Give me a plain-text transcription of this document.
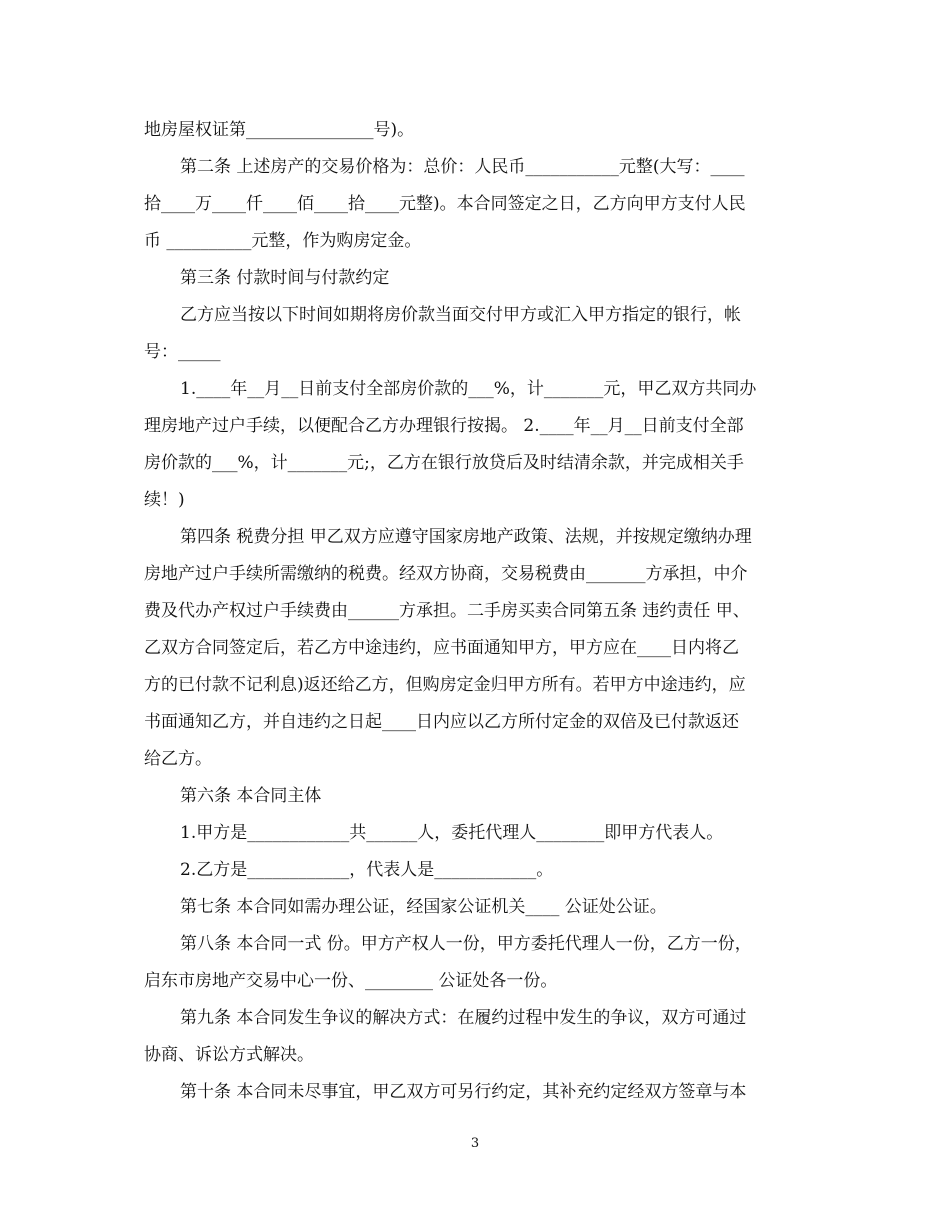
地房屋权证第_______________号)。
第二条 上述房产的交易价格为：总价：人民币___________元整(大写：____
拾____万____仟____佰____拾____元整)。本合同签定之日，乙方向甲方支付人民
币 __________元整，作为购房定金。
第三条 付款时间与付款约定
乙方应当按以下时间如期将房价款当面交付甲方或汇入甲方指定的银行，帐
号：_____
1.____年__月__日前支付全部房价款的___%，计_______元，甲乙双方共同办
理房地产过户手续，以便配合乙方办理银行按揭。 2.____年__月__日前支付全部
房价款的___%，计_______元;，乙方在银行放贷后及时结清余款，并完成相关手
续！)
第四条 税费分担 甲乙双方应遵守国家房地产政策、法规，并按规定缴纳办理
房地产过户手续所需缴纳的税费。经双方协商，交易税费由_______方承担，中介
费及代办产权过户手续费由______方承担。二手房买卖合同第五条 违约责任 甲、
乙双方合同签定后，若乙方中途违约，应书面通知甲方，甲方应在____日内将乙
方的已付款不记利息)返还给乙方，但购房定金归甲方所有。若甲方中途违约，应
书面通知乙方，并自违约之日起____日内应以乙方所付定金的双倍及已付款返还
给乙方。
第六条 本合同主体
1.甲方是____________共______人，委托代理人________即甲方代表人。
2.乙方是____________，代表人是____________。
第七条 本合同如需办理公证，经国家公证机关____ 公证处公证。
第八条 本合同一式 份。甲方产权人一份，甲方委托代理人一份，乙方一份，
启东市房地产交易中心一份、________ 公证处各一份。
第九条 本合同发生争议的解决方式：在履约过程中发生的争议，双方可通过
协商、诉讼方式解决。
第十条 本合同未尽事宜，甲乙双方可另行约定，其补充约定经双方签章与本
3
